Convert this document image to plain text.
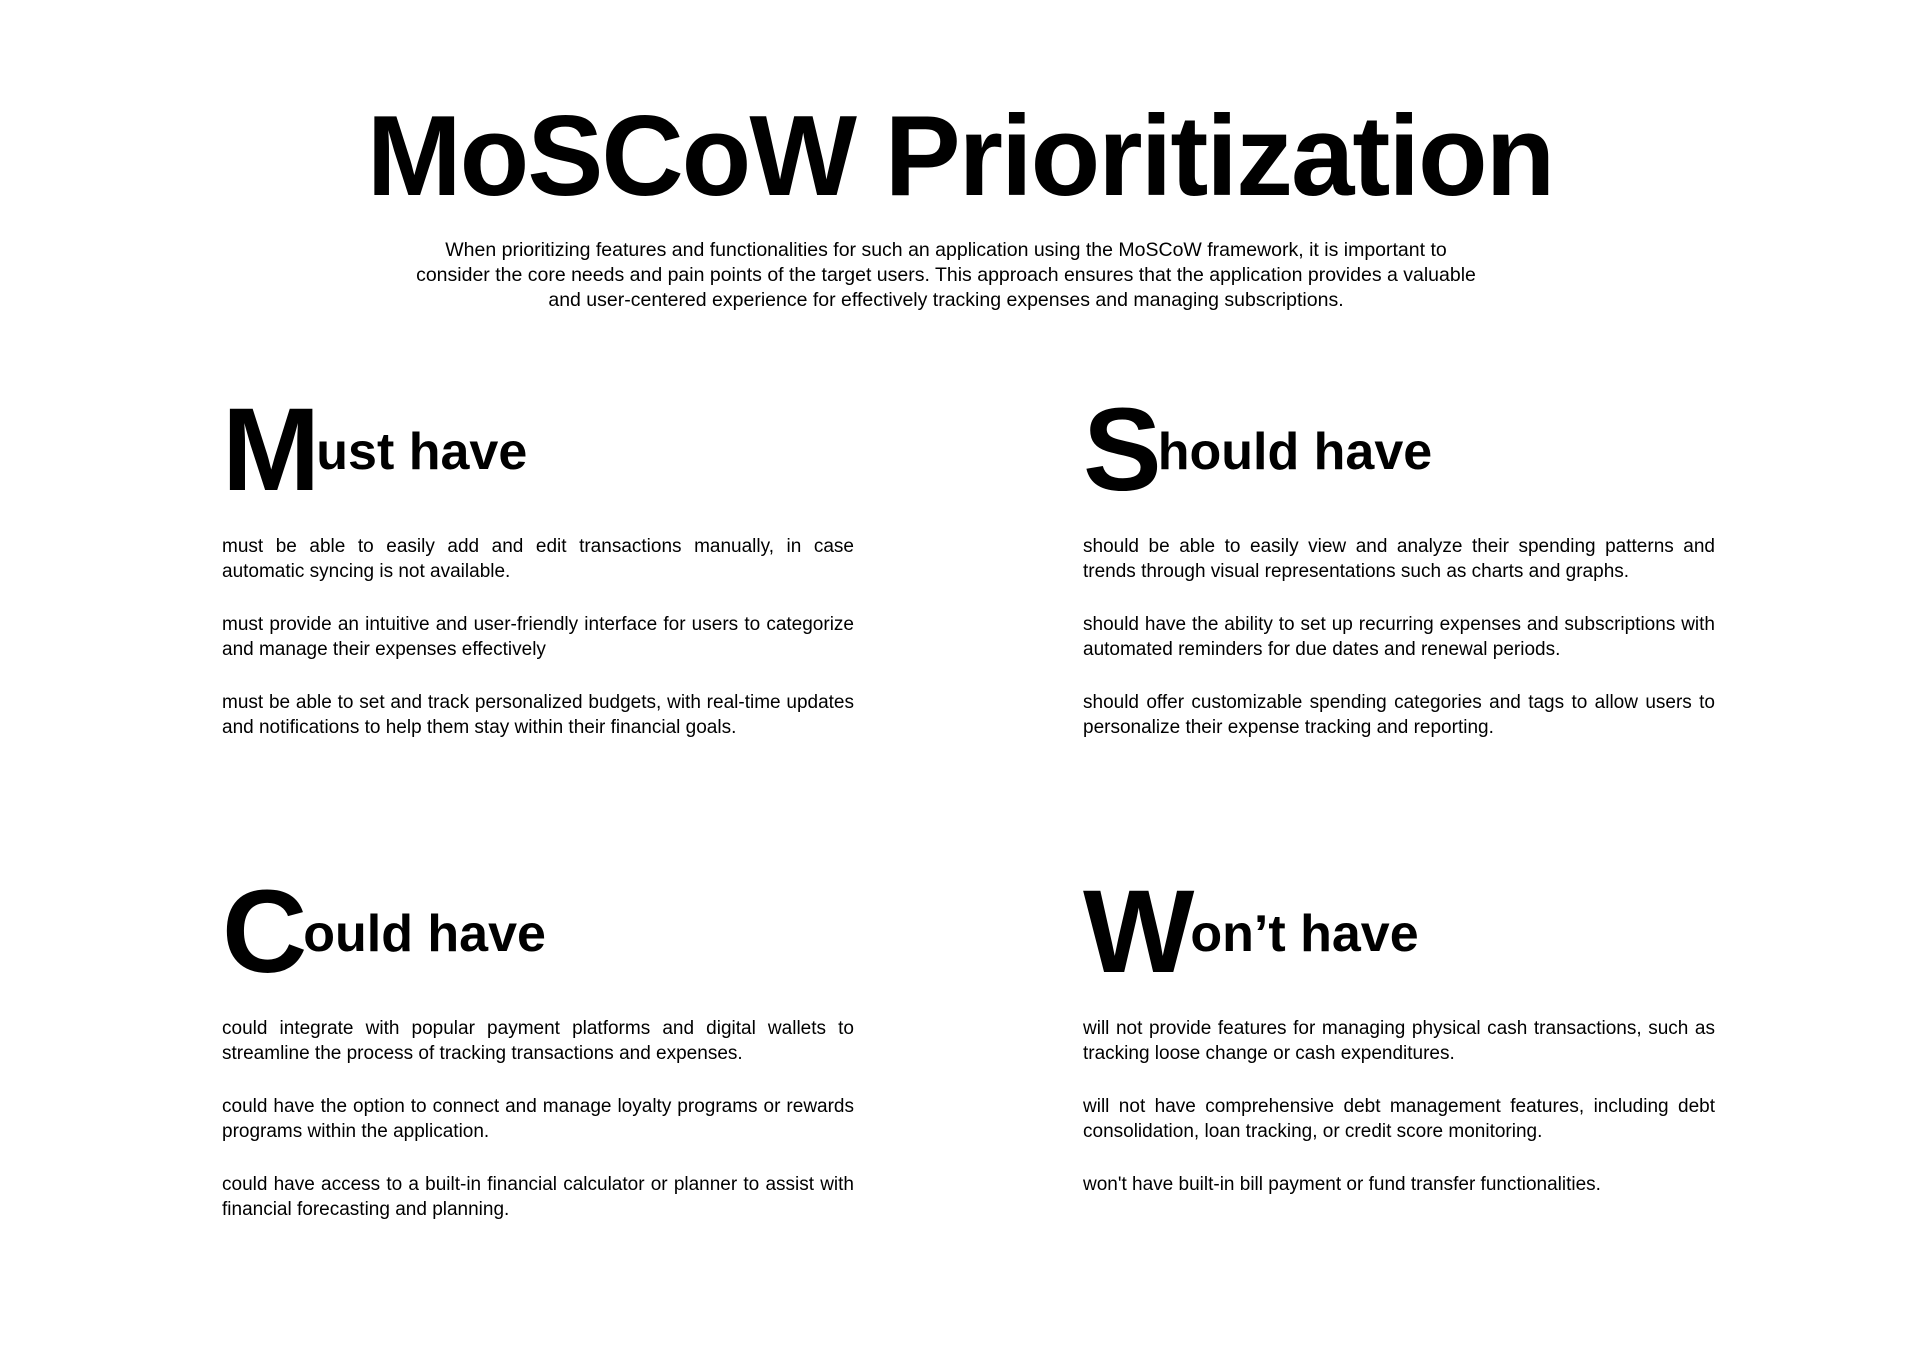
MoSCoW Prioritization

When prioritizing features and functionalities for such an application using the MoSCoW framework, it is important to consider the core needs and pain points of the target users. This approach ensures that the application provides a valuable and user-centered experience for effectively tracking expenses and managing subscriptions.

Must have
must be able to easily add and edit transactions manually, in case automatic syncing is not available.
must provide an intuitive and user-friendly interface for users to categorize and manage their expenses effectively
must be able to set and track personalized budgets, with real-time updates and notifications to help them stay within their financial goals.
Should have
should be able to easily view and analyze their spending patterns and trends through visual representations such as charts and graphs.
should have the ability to set up recurring expenses and subscriptions with automated reminders for due dates and renewal periods.
should offer customizable spending categories and tags to allow users to personalize their expense tracking and reporting.
Could have
could integrate with popular payment platforms and digital wallets to streamline the process of tracking transactions and expenses.
could have the option to connect and manage loyalty programs or rewards programs within the application.
could have access to a built-in financial calculator or planner to assist with financial forecasting and planning.
Won’t have
will not provide features for managing physical cash transactions, such as tracking loose change or cash expenditures.
will not have comprehensive debt management features, including debt consolidation, loan tracking, or credit score monitoring.
won't have built-in bill payment or fund transfer functionalities.
